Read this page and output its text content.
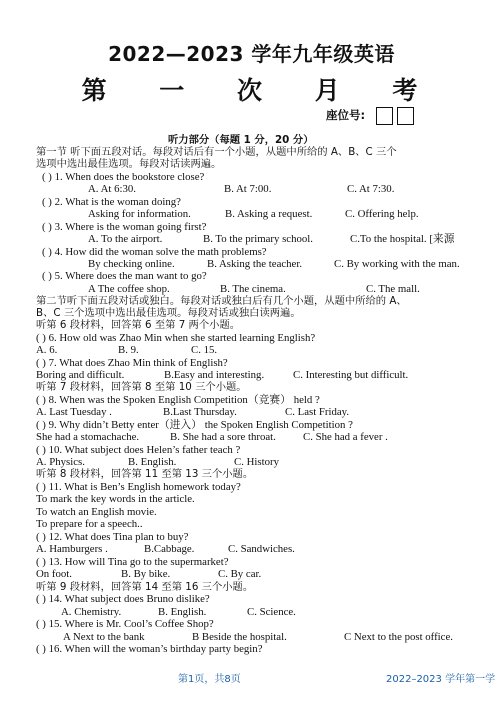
2022—2023 学年九年级英语
第 一 次 月 考
座位号:
听力部分（每题 1 分，20 分）
第一节 听下面五段对话。每段对话后有一个小题，从题中所给的 A、B、C 三个
选项中选出最佳选项。每段对话读两遍。
( ) 1. When does the bookstore close?
A. At 6:30.	B. At 7:00.	C. At 7:30.
( ) 2. What is the woman doing?
Asking for information.	B. Asking a request.	C. Offering help.
( ) 3. Where is the woman going first?
A. To the airport.	B. To the primary school.	C.To the hospital. [来源
( ) 4. How did the woman solve the math problems?
By checking online.	B. Asking the teacher.	C. By working with the man.
( ) 5. Where does the man want to go?
A The coffee shop.	B. The cinema.	C. The mall.
第二节听下面五段对话或独白。每段对话或独白后有几个小题，从题中所给的 A、
B、C 三个选项中选出最佳选项。每段对话或独白读两遍。
听第 6 段材料，回答第 6 至第 7 两个小题。
( ) 6. How old was Zhao Min when she started learning English?
A. 6.	B. 9.	C. 15.
( ) 7. What does Zhao Min think of English?
Boring and difficult.	B.Easy and interesting.	C. Interesting but difficult.
听第 7 段材料，回答第 8 至第 10 三个小题。
( ) 8. When was the Spoken English Competition（竞赛） held ?
A. Last Tuesday .	B.Last Thursday.	C. Last Friday.
( ) 9. Why didn’t Betty enter（进入） the Spoken English Competition ?
She had a stomachache.	B. She had a sore throat.	C. She had a fever .
( ) 10. What subject does Helen’s father teach ?
A. Physics.	B. English.	C. History
听第 8 段材料，回答第 11 至第 13 三个小题。
( ) 11. What is Ben’s English homework today?
To mark the key words in the article.
To watch an English movie.
To prepare for a speech..
( ) 12. What does Tina plan to buy?
A. Hamburgers .	B.Cabbage.	C. Sandwiches.
( ) 13. How will Tina go to the supermarket?
On foot.	B. By bike.	C. By car.
听第 9 段材料，回答第 14 至第 16 三个小题。
( ) 14. What subject does Bruno dislike?
A. Chemistry.	B. English.	C. Science.
( ) 15. Where is Mr. Cool’s Coffee Shop?
A Next to the bank	B Beside the hospital.	C Next to the post office.
( ) 16. When will the woman’s birthday party begin?
第1页，共8页	2022–2023 学年第一学
